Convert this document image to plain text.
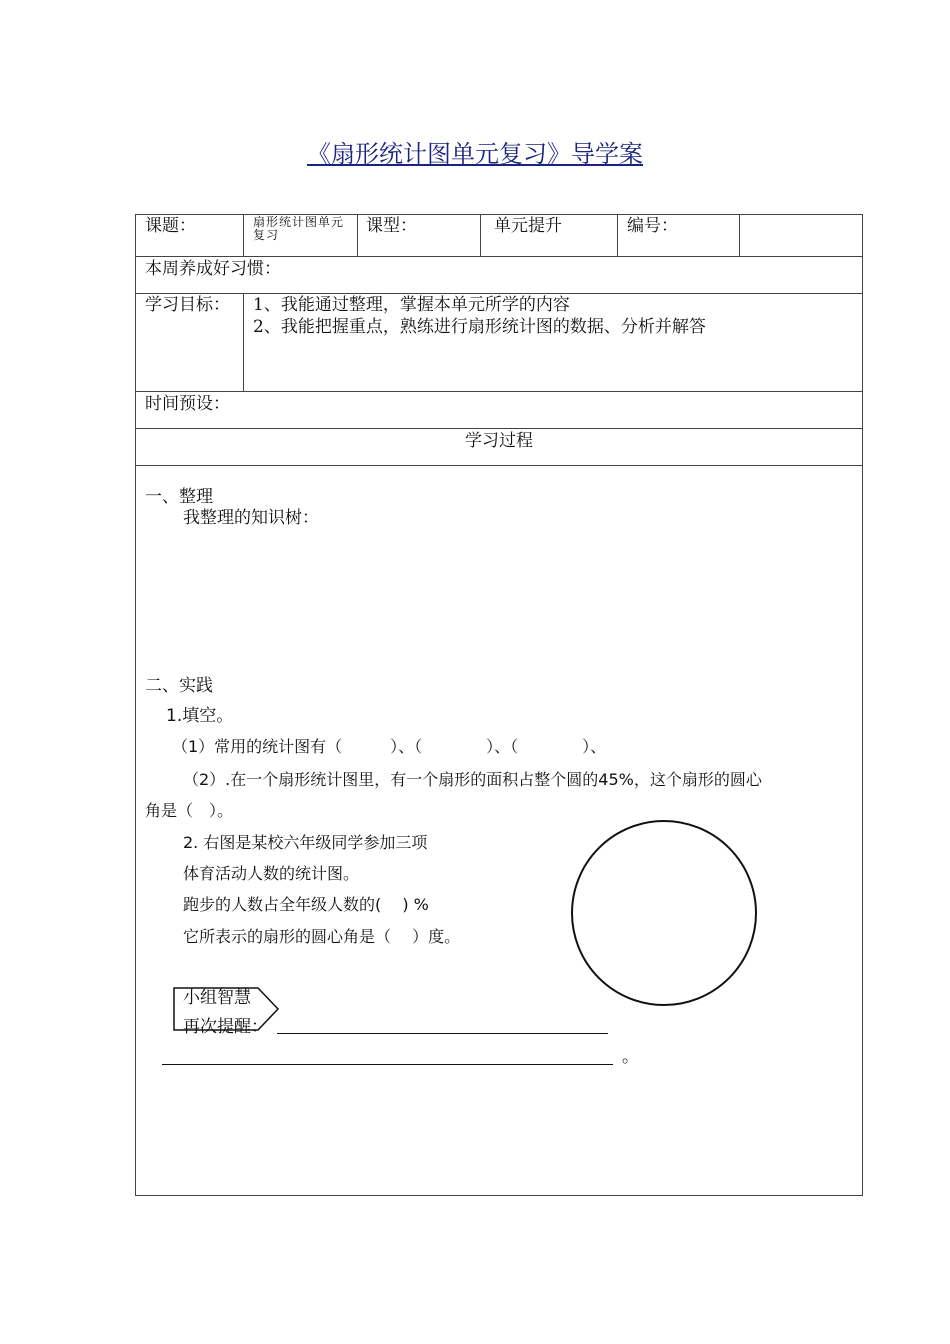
《扇形统计图单元复习》导学案
课题：	扇形统计图单元复习	课型：	单元提升	编号：
本周养成好习惯：
学习目标： 1、我能通过整理，掌握本单元所学的内容
2、我能把握重点，熟练进行扇形统计图的数据、分析并解答
时间预设：
学习过程
一、整理
我整理的知识树：
二、实践
1.填空。
（1）常用的统计图有（　　　）、（　　　　）、（　　　　）、
（2）.在一个扇形统计图里，有一个扇形的面积占整个圆的45%，这个扇形的圆心
角是（　）。
2. 右图是某校六年级同学参加三项
体育活动人数的统计图。
跑步的人数占全年级人数的(　 ) %
它所表示的扇形的圆心角是（　 ）度。
小组智慧
再次提醒：
。
